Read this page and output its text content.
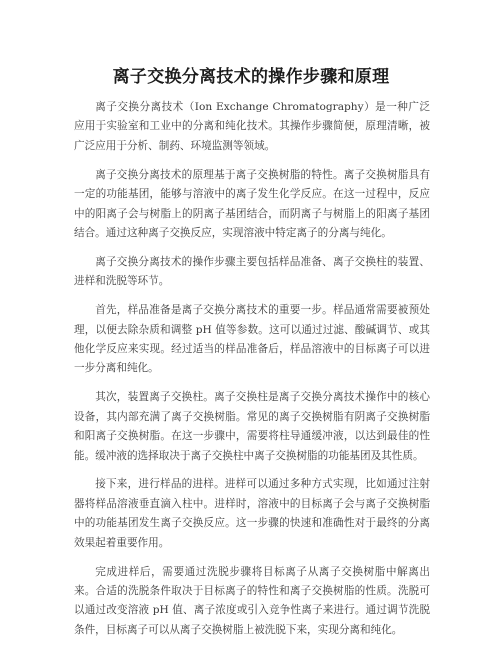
离子交换分离技术的操作步骤和原理

离子交换分离技术（Ion Exchange Chromatography）是一种广泛应用于实验室和工业中的分离和纯化技术。其操作步骤简便，原理清晰，被广泛应用于分析、制药、环境监测等领域。

离子交换分离技术的原理基于离子交换树脂的特性。离子交换树脂具有一定的功能基团，能够与溶液中的离子发生化学反应。在这一过程中，反应中的阳离子会与树脂上的阴离子基团结合，而阴离子与树脂上的阳离子基团结合。通过这种离子交换反应，实现溶液中特定离子的分离与纯化。

离子交换分离技术的操作步骤主要包括样品准备、离子交换柱的装置、进样和洗脱等环节。

首先，样品准备是离子交换分离技术的重要一步。样品通常需要被预处理，以便去除杂质和调整 pH 值等参数。这可以通过过滤、酸碱调节、或其他化学反应来实现。经过适当的样品准备后，样品溶液中的目标离子可以进一步分离和纯化。

其次，装置离子交换柱。离子交换柱是离子交换分离技术操作中的核心设备，其内部充满了离子交换树脂。常见的离子交换树脂有阴离子交换树脂和阳离子交换树脂。在这一步骤中，需要将柱导通缓冲液，以达到最佳的性能。缓冲液的选择取决于离子交换柱中离子交换树脂的功能基团及其性质。

接下来，进行样品的进样。进样可以通过多种方式实现，比如通过注射器将样品溶液垂直滴入柱中。进样时，溶液中的目标离子会与离子交换树脂中的功能基团发生离子交换反应。这一步骤的快速和准确性对于最终的分离效果起着重要作用。

完成进样后，需要通过洗脱步骤将目标离子从离子交换树脂中解离出来。合适的洗脱条件取决于目标离子的特性和离子交换树脂的性质。洗脱可以通过改变溶液 pH 值、离子浓度或引入竞争性离子来进行。通过调节洗脱条件，目标离子可以从离子交换树脂上被洗脱下来，实现分离和纯化。
